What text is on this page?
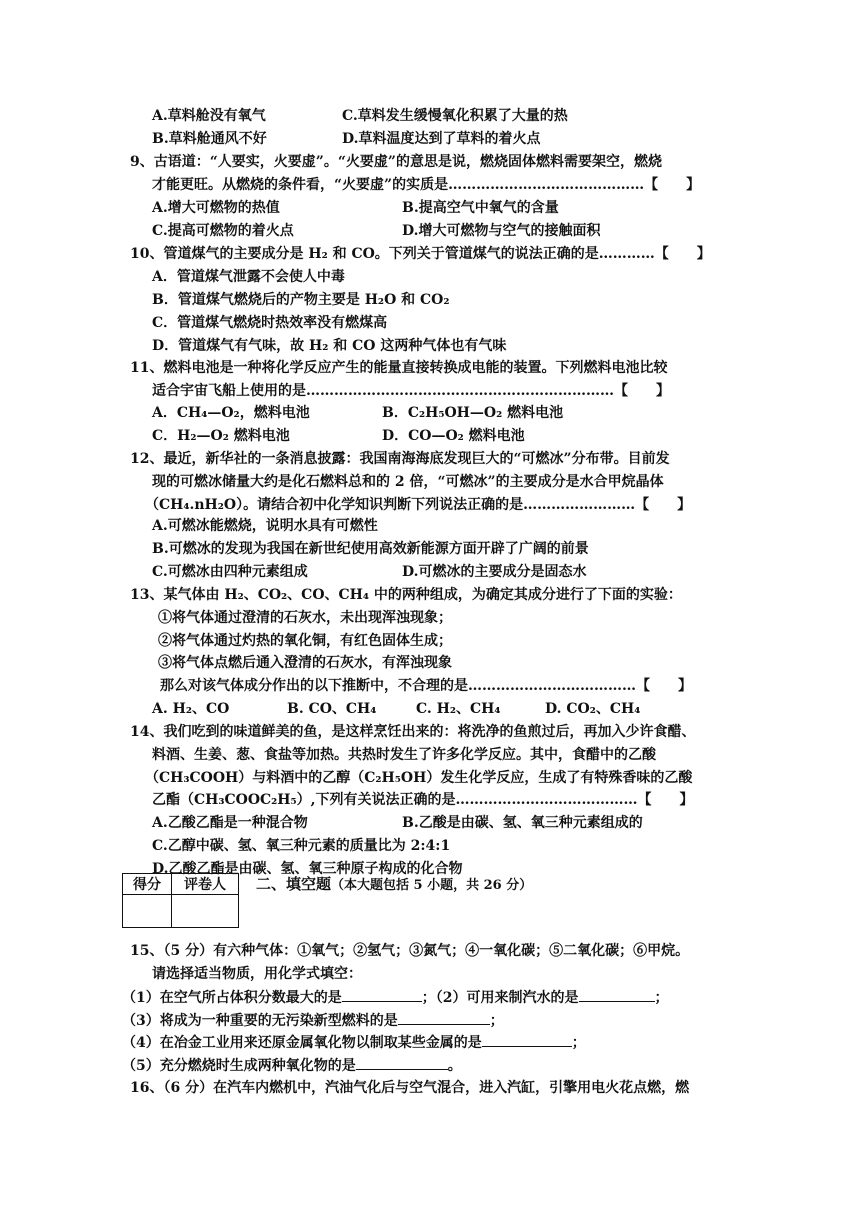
A.草料舱没有氧气	C.草料发生缓慢氧化积累了大量的热
B.草料舱通风不好	D.草料温度达到了草料的着火点
9、古语道：“人要实，火要虚”。“火要虚”的意思是说，燃烧固体燃料需要架空，燃烧
才能更旺。从燃烧的条件看，“火要虚”的实质是……………………………………【　　】
A.增大可燃物的热值	B.提高空气中氧气的含量
C.提高可燃物的着火点	D.增大可燃物与空气的接触面积
10、管道煤气的主要成分是 H₂ 和 CO。下列关于管道煤气的说法正确的是…………【　　】
A．管道煤气泄露不会使人中毒
B．管道煤气燃烧后的产物主要是 H₂O 和 CO₂
C．管道煤气燃烧时热效率没有燃煤高
D．管道煤气有气味，故 H₂ 和 CO 这两种气体也有气味
11、燃料电池是一种将化学反应产生的能量直接转换成电能的装置。下列燃料电池比较
适合宇宙飞船上使用的是…………………………………………………………【　　】
A．CH₄—O₂，燃料电池	B．C₂H₅OH—O₂ 燃料电池
C．H₂—O₂ 燃料电池	D．CO—O₂ 燃料电池
12、最近，新华社的一条消息披露：我国南海海底发现巨大的“可燃冰”分布带。目前发
现的可燃冰储量大约是化石燃料总和的 2 倍，“可燃冰”的主要成分是水合甲烷晶体
（CH₄.nH₂O）。请结合初中化学知识判断下列说法正确的是……………………【　　】
A.可燃冰能燃烧，说明水具有可燃性
B.可燃冰的发现为我国在新世纪使用高效新能源方面开辟了广阔的前景
C.可燃冰由四种元素组成	D.可燃冰的主要成分是固态水
13、某气体由 H₂、CO₂、CO、CH₄ 中的两种组成，为确定其成分进行了下面的实验：
①将气体通过澄清的石灰水，未出现浑浊现象；
②将气体通过灼热的氧化铜，有红色固体生成；
③将气体点燃后通入澄清的石灰水，有浑浊现象
那么对该气体成分作出的以下推断中，不合理的是………………………………【　　】
A. H₂、CO	B. CO、CH₄	C. H₂、CH₄	D. CO₂、CH₄
14、我们吃到的味道鲜美的鱼，是这样烹饪出来的：将洗净的鱼煎过后，再加入少许食醋、
料酒、生姜、葱、食盐等加热。共热时发生了许多化学反应。其中，食醋中的乙酸
（CH₃COOH）与料酒中的乙醇（C₂H₅OH）发生化学反应，生成了有特殊香味的乙酸
乙酯（CH₃COOC₂H₅）,下列有关说法正确的是…………………………………【　　】
A.乙酸乙酯是一种混合物	B.乙酸是由碳、氢、氧三种元素组成的
C.乙醇中碳、氢、氧三种元素的质量比为 2:4:1
D.乙酸乙酯是由碳、氢、氧三种原子构成的化合物
得分	评卷人
	二、填空题（本大题包括 5 小题，共 26 分）
15、（5 分）有六种气体：①氧气；②氢气；③氮气；④一氧化碳；⑤二氧化碳；⑥甲烷。
请选择适当物质，用化学式填空：
（1）在空气所占体积分数最大的是	；（2）可用来制汽水的是	；
（3）将成为一种重要的无污染新型燃料的是	；
（4）在冶金工业用来还原金属氧化物以制取某些金属的是	；
（5）充分燃烧时生成两种氧化物的是	。
16、（6 分）在汽车内燃机中，汽油气化后与空气混合，进入汽缸，引擎用电火花点燃，燃
